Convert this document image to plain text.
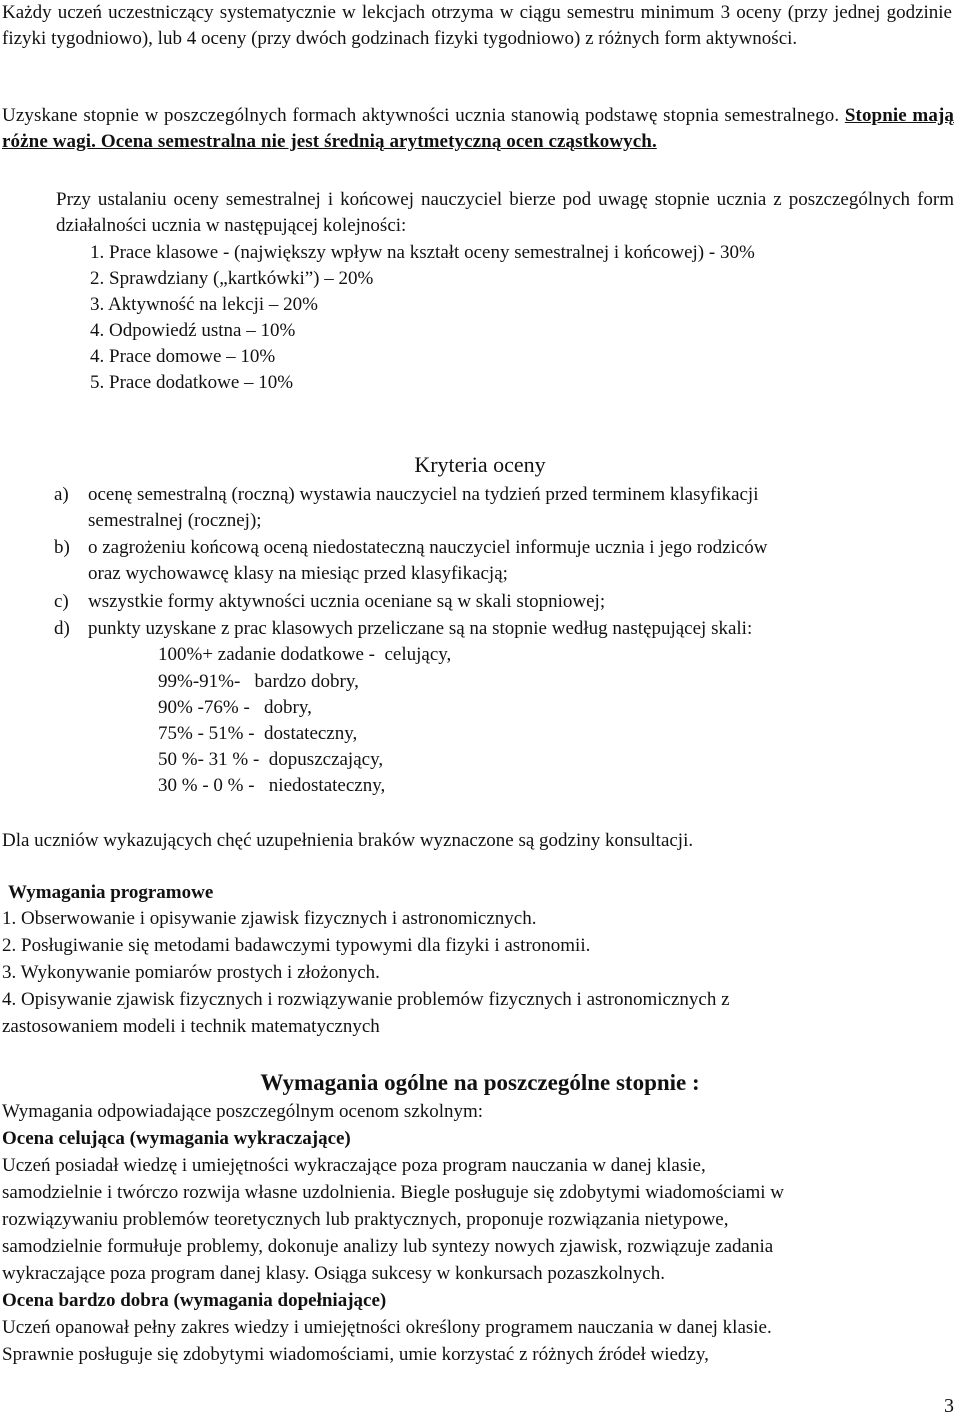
Każdy uczeń uczestniczący systematycznie w lekcjach otrzyma w ciągu semestru minimum 3 oceny (przy jednej godzinie fizyki tygodniowo), lub 4 oceny (przy dwóch godzinach fizyki tygodniowo) z różnych form aktywności.

Uzyskane stopnie w poszczególnych formach aktywności ucznia stanowią podstawę stopnia semestralnego. Stopnie mają różne wagi. Ocena semestralna nie jest średnią arytmetyczną ocen cząstkowych.

Przy ustalaniu oceny semestralnej i końcowej nauczyciel bierze pod uwagę stopnie ucznia z poszczególnych form działalności ucznia w następującej kolejności:

1. Prace klasowe - (największy wpływ na kształt oceny semestralnej i końcowej) - 30%
2. Sprawdziany („kartkówki”) – 20%
3. Aktywność na lekcji – 20%
4. Odpowiedź ustna – 10%
4. Prace domowe – 10%
5. Prace dodatkowe – 10%
Kryteria oceny
a) ocenę semestralną (roczną) wystawia nauczyciel na tydzień przed terminem klasyfikacji
semestralnej (rocznej);
b) o zagrożeniu końcową oceną niedostateczną nauczyciel informuje ucznia i jego rodziców
oraz wychowawcę klasy na miesiąc przed klasyfikacją;
c) wszystkie formy aktywności ucznia oceniane są w skali stopniowej;
d) punkty uzyskane z prac klasowych przeliczane są na stopnie według następującej skali:
100%+ zadanie dodatkowe -  celujący,
99%-91%-   bardzo dobry,
90% -76% -   dobry,
75% - 51% -  dostateczny,
50 %- 31 % -  dopuszczający,
30 % - 0 % -   niedostateczny,

Dla uczniów wykazujących chęć uzupełnienia braków wyznaczone są godziny konsultacji.

Wymagania programowe
1. Obserwowanie i opisywanie zjawisk fizycznych i astronomicznych.
2. Posługiwanie się metodami badawczymi typowymi dla fizyki i astronomii.
3. Wykonywanie pomiarów prostych i złożonych.
4. Opisywanie zjawisk fizycznych i rozwiązywanie problemów fizycznych i astronomicznych z
zastosowaniem modeli i technik matematycznych
Wymagania ogólne na poszczególne stopnie :
Wymagania odpowiadające poszczególnym ocenom szkolnym:
Ocena celująca (wymagania wykraczające)
Uczeń posiadał wiedzę i umiejętności wykraczające poza program nauczania w danej klasie,
samodzielnie i twórczo rozwija własne uzdolnienia. Biegle posługuje się zdobytymi wiadomościami w
rozwiązywaniu problemów teoretycznych lub praktycznych, proponuje rozwiązania nietypowe,
samodzielnie formułuje problemy, dokonuje analizy lub syntezy nowych zjawisk, rozwiązuje zadania
wykraczające poza program danej klasy. Osiąga sukcesy w konkursach pozaszkolnych.
Ocena bardzo dobra (wymagania dopełniające)
Uczeń opanował pełny zakres wiedzy i umiejętności określony programem nauczania w danej klasie.
Sprawnie posługuje się zdobytymi wiadomościami, umie korzystać z różnych źródeł wiedzy,
3
